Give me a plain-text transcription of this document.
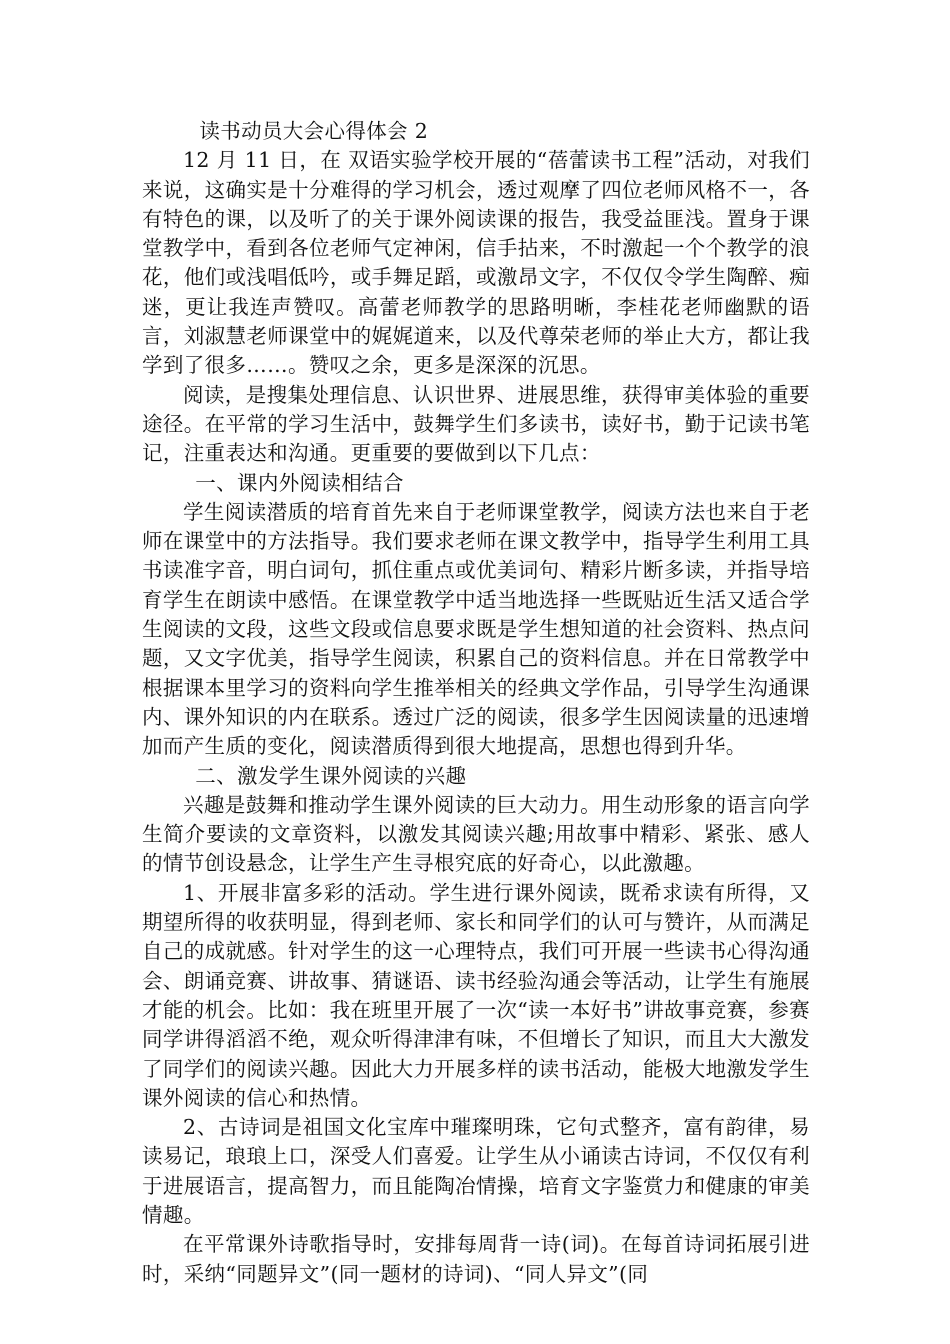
读书动员大会心得体会 2

12 月 11 日，在 双语实验学校开展的“蓓蕾读书工程”活动，对我们来说，这确实是十分难得的学习机会，透过观摩了四位老师风格不一，各有特色的课，以及听了的关于课外阅读课的报告，我受益匪浅。置身于课堂教学中，看到各位老师气定神闲，信手拈来，不时激起一个个教学的浪花，他们或浅唱低吟，或手舞足蹈，或激昂文字，不仅仅令学生陶醉、痴迷，更让我连声赞叹。高蕾老师教学的思路明晰，李桂花老师幽默的语言，刘淑慧老师课堂中的娓娓道来，以及代尊荣老师的举止大方，都让我学到了很多……。赞叹之余，更多是深深的沉思。

阅读，是搜集处理信息、认识世界、进展思维，获得审美体验的重要途径。在平常的学习生活中，鼓舞学生们多读书，读好书，勤于记读书笔记，注重表达和沟通。更重要的要做到以下几点：

一、课内外阅读相结合

学生阅读潜质的培育首先来自于老师课堂教学，阅读方法也来自于老师在课堂中的方法指导。我们要求老师在课文教学中，指导学生利用工具书读准字音，明白词句，抓住重点或优美词句、精彩片断多读，并指导培育学生在朗读中感悟。在课堂教学中适当地选择一些既贴近生活又适合学生阅读的文段，这些文段或信息要求既是学生想知道的社会资料、热点问题，又文字优美，指导学生阅读，积累自己的资料信息。并在日常教学中根据课本里学习的资料向学生推举相关的经典文学作品，引导学生沟通课内、课外知识的内在联系。透过广泛的阅读，很多学生因阅读量的迅速增加而产生质的变化，阅读潜质得到很大地提高，思想也得到升华。

二、激发学生课外阅读的兴趣

兴趣是鼓舞和推动学生课外阅读的巨大动力。用生动形象的语言向学生简介要读的文章资料，以激发其阅读兴趣;用故事中精彩、紧张、感人的情节创设悬念，让学生产生寻根究底的好奇心，以此激趣。

1、开展非富多彩的活动。学生进行课外阅读，既希求读有所得，又期望所得的收获明显，得到老师、家长和同学们的认可与赞许，从而满足自己的成就感。针对学生的这一心理特点，我们可开展一些读书心得沟通会、朗诵竞赛、讲故事、猜谜语、读书经验沟通会等活动，让学生有施展才能的机会。比如：我在班里开展了一次“读一本好书”讲故事竞赛，参赛同学讲得滔滔不绝，观众听得津津有味，不但增长了知识，而且大大激发了同学们的阅读兴趣。因此大力开展多样的读书活动，能极大地激发学生课外阅读的信心和热情。

2、古诗词是祖国文化宝库中璀璨明珠，它句式整齐，富有韵律，易读易记，琅琅上口，深受人们喜爱。让学生从小诵读古诗词，不仅仅有利于进展语言，提高智力，而且能陶冶情操，培育文字鉴赏力和健康的审美情趣。

在平常课外诗歌指导时，安排每周背一诗(词)。在每首诗词拓展引进时，采纳“同题异文”(同一题材的诗词)、“同人异文”(同
